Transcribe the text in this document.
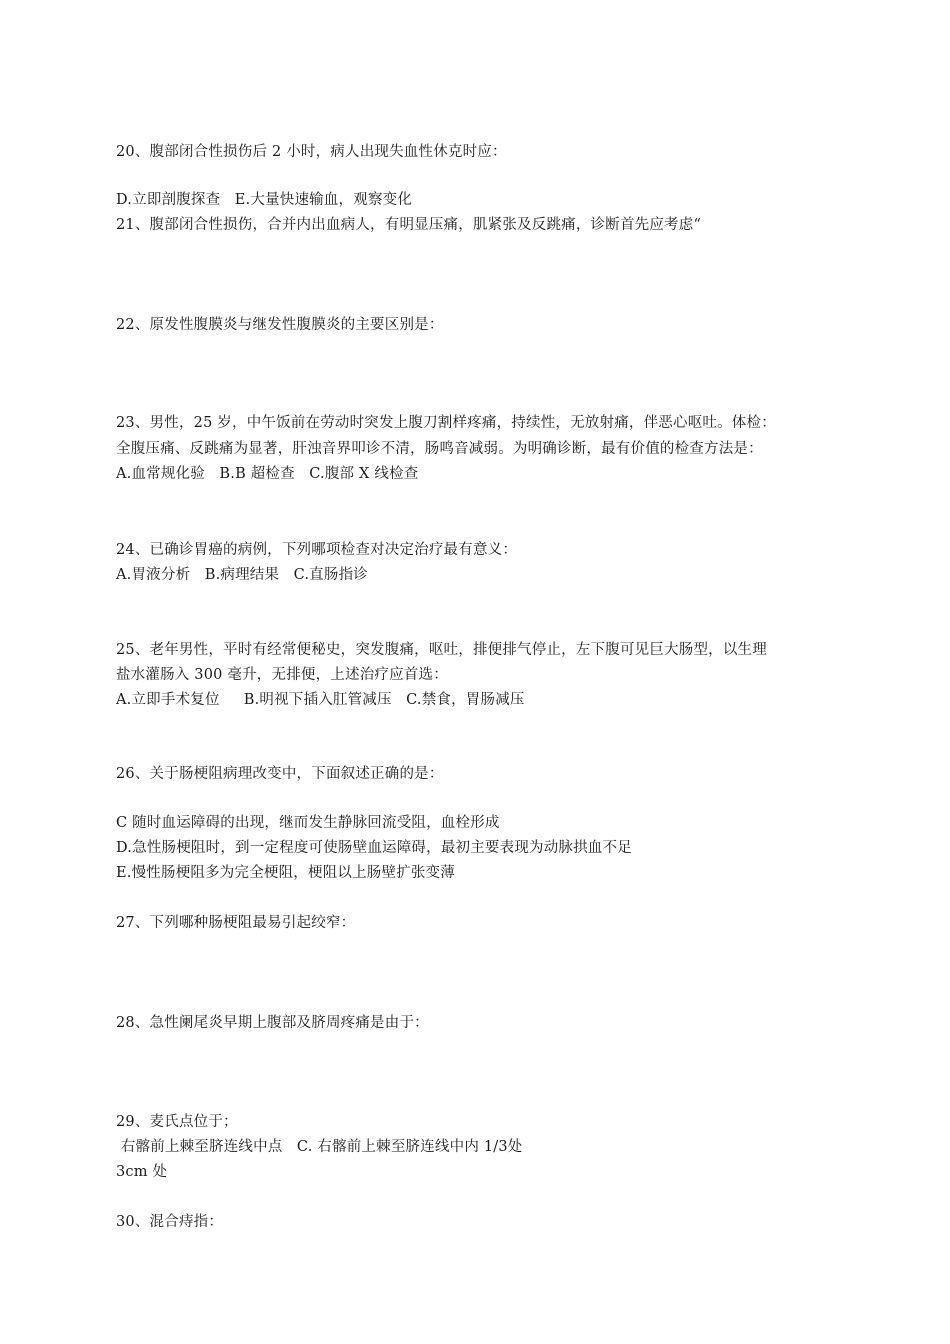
20、腹部闭合性损伤后 2 小时，病人出现失血性休克时应：
D.立即剖腹探查   E.大量快速输血，观察变化
21、腹部闭合性损伤，合并内出血病人，有明显压痛，肌紧张及反跳痛，诊断首先应考虑“
22、原发性腹膜炎与继发性腹膜炎的主要区别是：
23、男性，25 岁，中午饭前在劳动时突发上腹刀割样疼痛，持续性，无放射痛，伴恶心呕吐。体检：
全腹压痛、反跳痛为显著，肝浊音界叩诊不清，肠鸣音减弱。为明确诊断，最有价值的检查方法是：
A.血常规化验   B.B 超检查   C.腹部 X 线检查
24、已确诊胃癌的病例，下列哪项检查对决定治疗最有意义：
A.胃液分析   B.病理结果   C.直肠指诊
25、老年男性，平时有经常便秘史，突发腹痛，呕吐，排便排气停止，左下腹可见巨大肠型，以生理
盐水灌肠入 300 毫升，无排便，上述治疗应首选：
A.立即手术复位     B.明视下插入肛管减压   C.禁食，胃肠减压
26、关于肠梗阻病理改变中，下面叙述正确的是：
C 随时血运障碍的出现，继而发生静脉回流受阻，血栓形成
D.急性肠梗阻时，到一定程度可使肠壁血运障碍，最初主要表现为动脉拱血不足
E.慢性肠梗阻多为完全梗阻，梗阻以上肠壁扩张变薄
27、下列哪种肠梗阻最易引起绞窄：
28、急性阑尾炎早期上腹部及脐周疼痛是由于：
29、麦氏点位于；
右髂前上棘至脐连线中点   C. 右髂前上棘至脐连线中内 1/3处
3cm 处
30、混合痔指：
